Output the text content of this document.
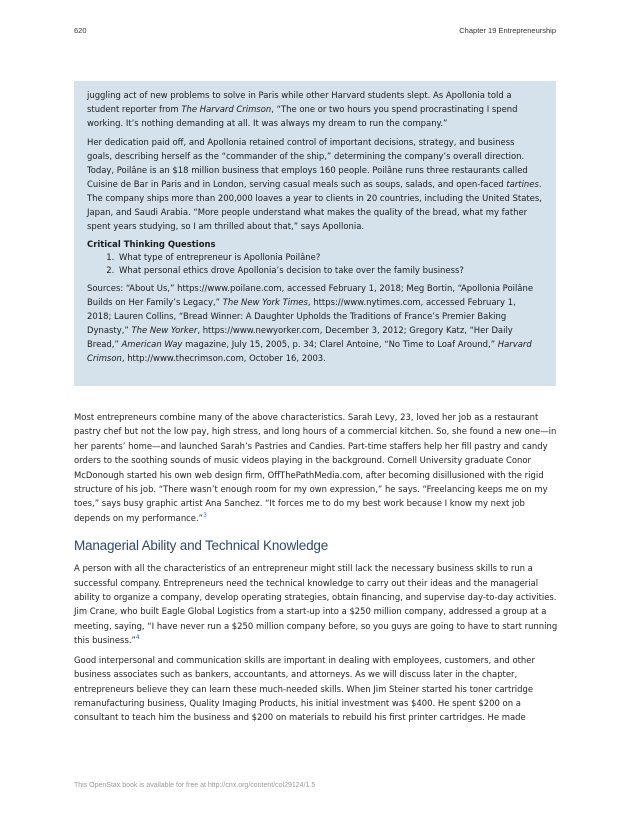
620	Chapter 19 Entrepreneurship

juggling act of new problems to solve in Paris while other Harvard students slept. As Apollonia told a student reporter from The Harvard Crimson, “The one or two hours you spend procrastinating I spend working. It’s nothing demanding at all. It was always my dream to run the company.”

Her dedication paid off, and Apollonia retained control of important decisions, strategy, and business goals, describing herself as the “commander of the ship,” determining the company’s overall direction. Today, Poilâne is an $18 million business that employs 160 people. Poilâne runs three restaurants called Cuisine de Bar in Paris and in London, serving casual meals such as soups, salads, and open-faced tartines. The company ships more than 200,000 loaves a year to clients in 20 countries, including the United States, Japan, and Saudi Arabia. “More people understand what makes the quality of the bread, what my father spent years studying, so I am thrilled about that,” says Apollonia.

Critical Thinking Questions
1. What type of entrepreneur is Apollonia Poilâne?
2. What personal ethics drove Apollonia’s decision to take over the family business?

Sources: “About Us,” https://www.poilane.com, accessed February 1, 2018; Meg Bortin, “Apollonia Poilâne Builds on Her Family’s Legacy,” The New York Times, https://www.nytimes.com, accessed February 1, 2018; Lauren Collins, “Bread Winner: A Daughter Upholds the Traditions of France’s Premier Baking Dynasty,” The New Yorker, https://www.newyorker.com, December 3, 2012; Gregory Katz, “Her Daily Bread,” American Way magazine, July 15, 2005, p. 34; Clarel Antoine, “No Time to Loaf Around,” Harvard Crimson, http://www.thecrimson.com, October 16, 2003.

Most entrepreneurs combine many of the above characteristics. Sarah Levy, 23, loved her job as a restaurant pastry chef but not the low pay, high stress, and long hours of a commercial kitchen. So, she found a new one—in her parents’ home—and launched Sarah’s Pastries and Candies. Part-time staffers help her fill pastry and candy orders to the soothing sounds of music videos playing in the background. Cornell University graduate Conor McDonough started his own web design firm, OffThePathMedia.com, after becoming disillusioned with the rigid structure of his job. “There wasn’t enough room for my own expression,” he says. “Freelancing keeps me on my toes,” says busy graphic artist Ana Sanchez. “It forces me to do my best work because I know my next job depends on my performance.”$^3$

Managerial Ability and Technical Knowledge

A person with all the characteristics of an entrepreneur might still lack the necessary business skills to run a successful company. Entrepreneurs need the technical knowledge to carry out their ideas and the managerial ability to organize a company, develop operating strategies, obtain financing, and supervise day-to-day activities. Jim Crane, who built Eagle Global Logistics from a start-up into a $250 million company, addressed a group at a meeting, saying, “I have never run a $250 million company before, so you guys are going to have to start running this business.”$^4$

Good interpersonal and communication skills are important in dealing with employees, customers, and other business associates such as bankers, accountants, and attorneys. As we will discuss later in the chapter, entrepreneurs believe they can learn these much-needed skills. When Jim Steiner started his toner cartridge remanufacturing business, Quality Imaging Products, his initial investment was $400. He spent $200 on a consultant to teach him the business and $200 on materials to rebuild his first printer cartridges. He made

This OpenStax book is available for free at http://cnx.org/content/col29124/1.5
